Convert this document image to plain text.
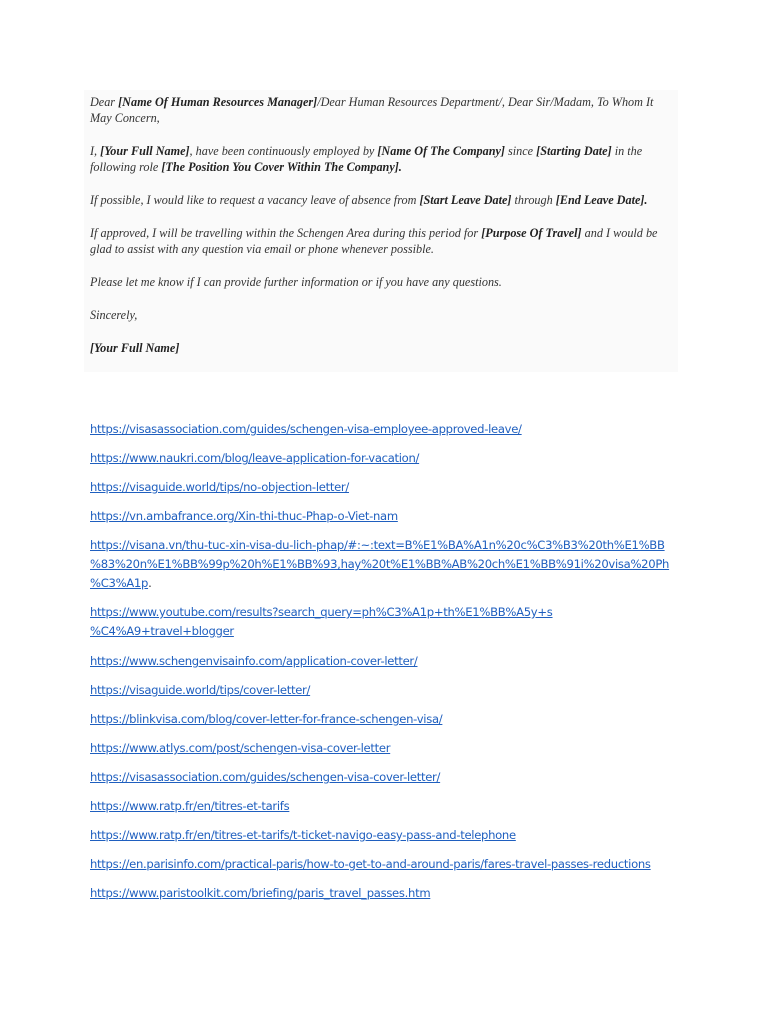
Dear [Name Of Human Resources Manager]/Dear Human Resources Department/, Dear Sir/Madam, To Whom It May Concern,

I, [Your Full Name], have been continuously employed by [Name Of The Company] since [Starting Date] in the following role [The Position You Cover Within The Company].

If possible, I would like to request a vacancy leave of absence from [Start Leave Date] through [End Leave Date].

If approved, I will be travelling within the Schengen Area during this period for [Purpose Of Travel] and I would be glad to assist with any question via email or phone whenever possible.

Please let me know if I can provide further information or if you have any questions.

Sincerely,

[Your Full Name]

https://visasassociation.com/guides/schengen-visa-employee-approved-leave/
https://www.naukri.com/blog/leave-application-for-vacation/
https://visaguide.world/tips/no-objection-letter/
https://vn.ambafrance.org/Xin-thi-thuc-Phap-o-Viet-nam
https://visana.vn/thu-tuc-xin-visa-du-lich-phap/#:~:text=B%E1%BA%A1n%20c%C3%B3%20th%E1%BB
%83%20n%E1%BB%99p%20h%E1%BB%93,hay%20t%E1%BB%AB%20ch%E1%BB%91i%20visa%20Ph
%C3%A1p.
https://www.youtube.com/results?search_query=ph%C3%A1p+th%E1%BB%A5y+s
%C4%A9+travel+blogger
https://www.schengenvisainfo.com/application-cover-letter/
https://visaguide.world/tips/cover-letter/
https://blinkvisa.com/blog/cover-letter-for-france-schengen-visa/
https://www.atlys.com/post/schengen-visa-cover-letter
https://visasassociation.com/guides/schengen-visa-cover-letter/
https://www.ratp.fr/en/titres-et-tarifs
https://www.ratp.fr/en/titres-et-tarifs/t-ticket-navigo-easy-pass-and-telephone
https://en.parisinfo.com/practical-paris/how-to-get-to-and-around-paris/fares-travel-passes-reductions
https://www.paristoolkit.com/briefing/paris_travel_passes.htm
